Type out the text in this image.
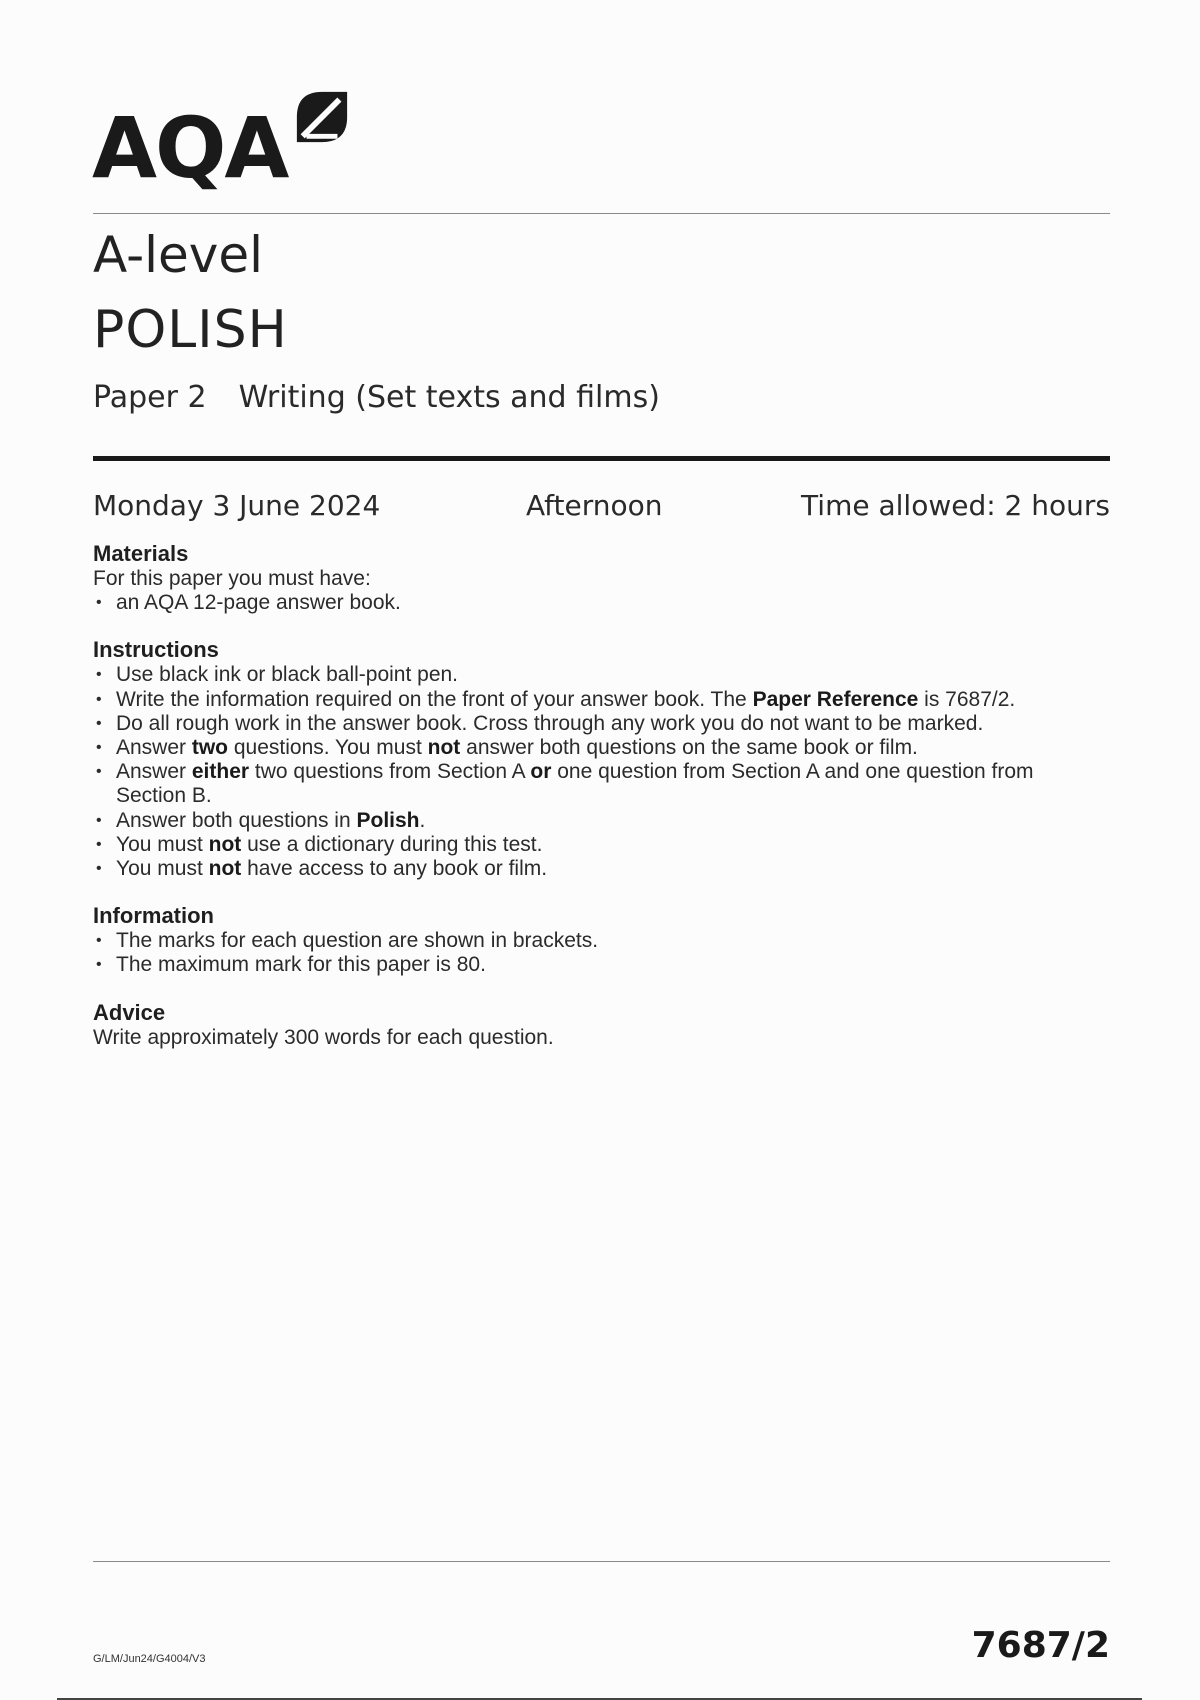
AQA
A-level
POLISH
Paper 2 Writing (Set texts and films)
Monday 3 June 2024	Afternoon	Time allowed: 2 hours
Materials

For this paper you must have:

• an AQA 12-page answer book.
Instructions
• Use black ink or black ball-point pen.
• Write the information required on the front of your answer book. The Paper Reference is 7687/2.
• Do all rough work in the answer book. Cross through any work you do not want to be marked.
• Answer two questions. You must not answer both questions on the same book or film.
• Answer either two questions from Section A or one question from Section A and one question from Section B.
• Answer both questions in Polish.
• You must not use a dictionary during this test.
• You must not have access to any book or film.
Information
• The marks for each question are shown in brackets.
• The maximum mark for this paper is 80.
Advice

Write approximately 300 words for each question.

G/LM/Jun24/G4004/V3	7687/2
